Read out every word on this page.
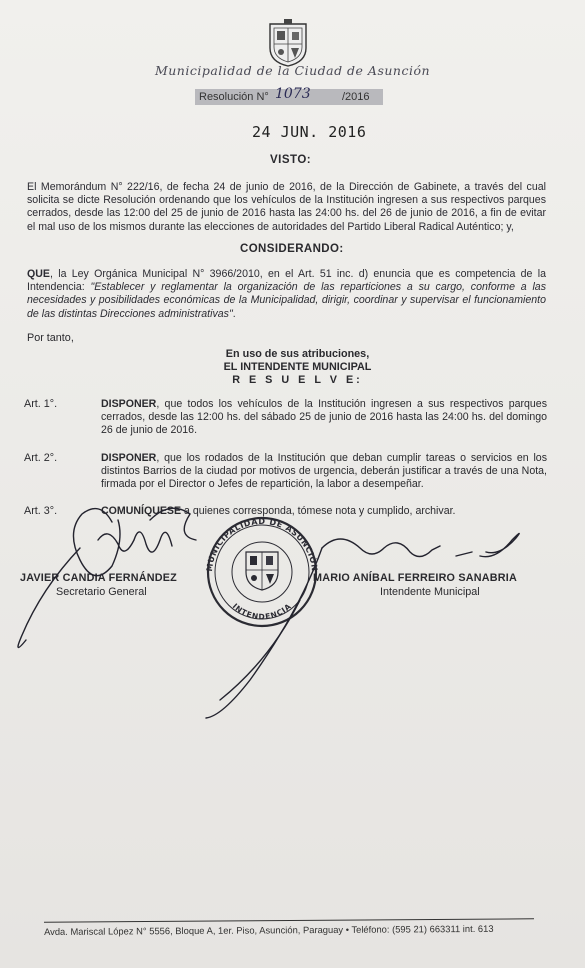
Municipalidad de la Ciudad de Asunción
Resolución N° 1073	/2016
24 JUN. 2016
VISTO:
El Memorándum N° 222/16, de fecha 24 de junio de 2016, de la Dirección de Gabinete, a través del cual solicita se dicte Resolución ordenando que los vehículos de la Institución ingresen a sus respectivos parques cerrados, desde las 12:00 del 25 de junio de 2016 hasta las 24:00 hs. del 26 de junio de 2016, a fin de evitar el mal uso de los mismos durante las elecciones de autoridades del Partido Liberal Radical Auténtico; y,
CONSIDERANDO:
QUE, la Ley Orgánica Municipal N° 3966/2010, en el Art. 51 inc. d) enuncia que es competencia de la Intendencia: "Establecer y reglamentar la organización de las reparticiones a su cargo, conforme a las necesidades y posibilidades económicas de la Municipalidad, dirigir, coordinar y supervisar el funcionamiento de las distintas Direcciones administrativas".
Por tanto,
En uso de sus atribuciones,
EL INTENDENTE MUNICIPAL
R E S U E L V E:
Art. 1°.	DISPONER, que todos los vehículos de la Institución ingresen a sus respectivos parques cerrados, desde las 12:00 hs. del sábado 25 de junio de 2016 hasta las 24:00 hs. del domingo 26 de junio de 2016.
Art. 2°.	DISPONER, que los rodados de la Institución que deban cumplir tareas o servicios en los distintos Barrios de la ciudad por motivos de urgencia, deberán justificar a través de una Nota, firmada por el Director o Jefes de repartición, la labor a desempeñar.
Art. 3°.	COMUNÍQUESE a quienes corresponda, tómese nota y cumplido, archivar.
JAVIER CANDIA FERNÁNDEZ
Secretario General
MARIO ANÍBAL FERREIRO SANABRIA
Intendente Municipal
MUNICIPALIDAD DE ASUNCIÓN
INTENDENCIA
Avda. Mariscal López N° 5556, Bloque A, 1er. Piso, Asunción, Paraguay • Teléfono: (595 21) 663311 int. 613
